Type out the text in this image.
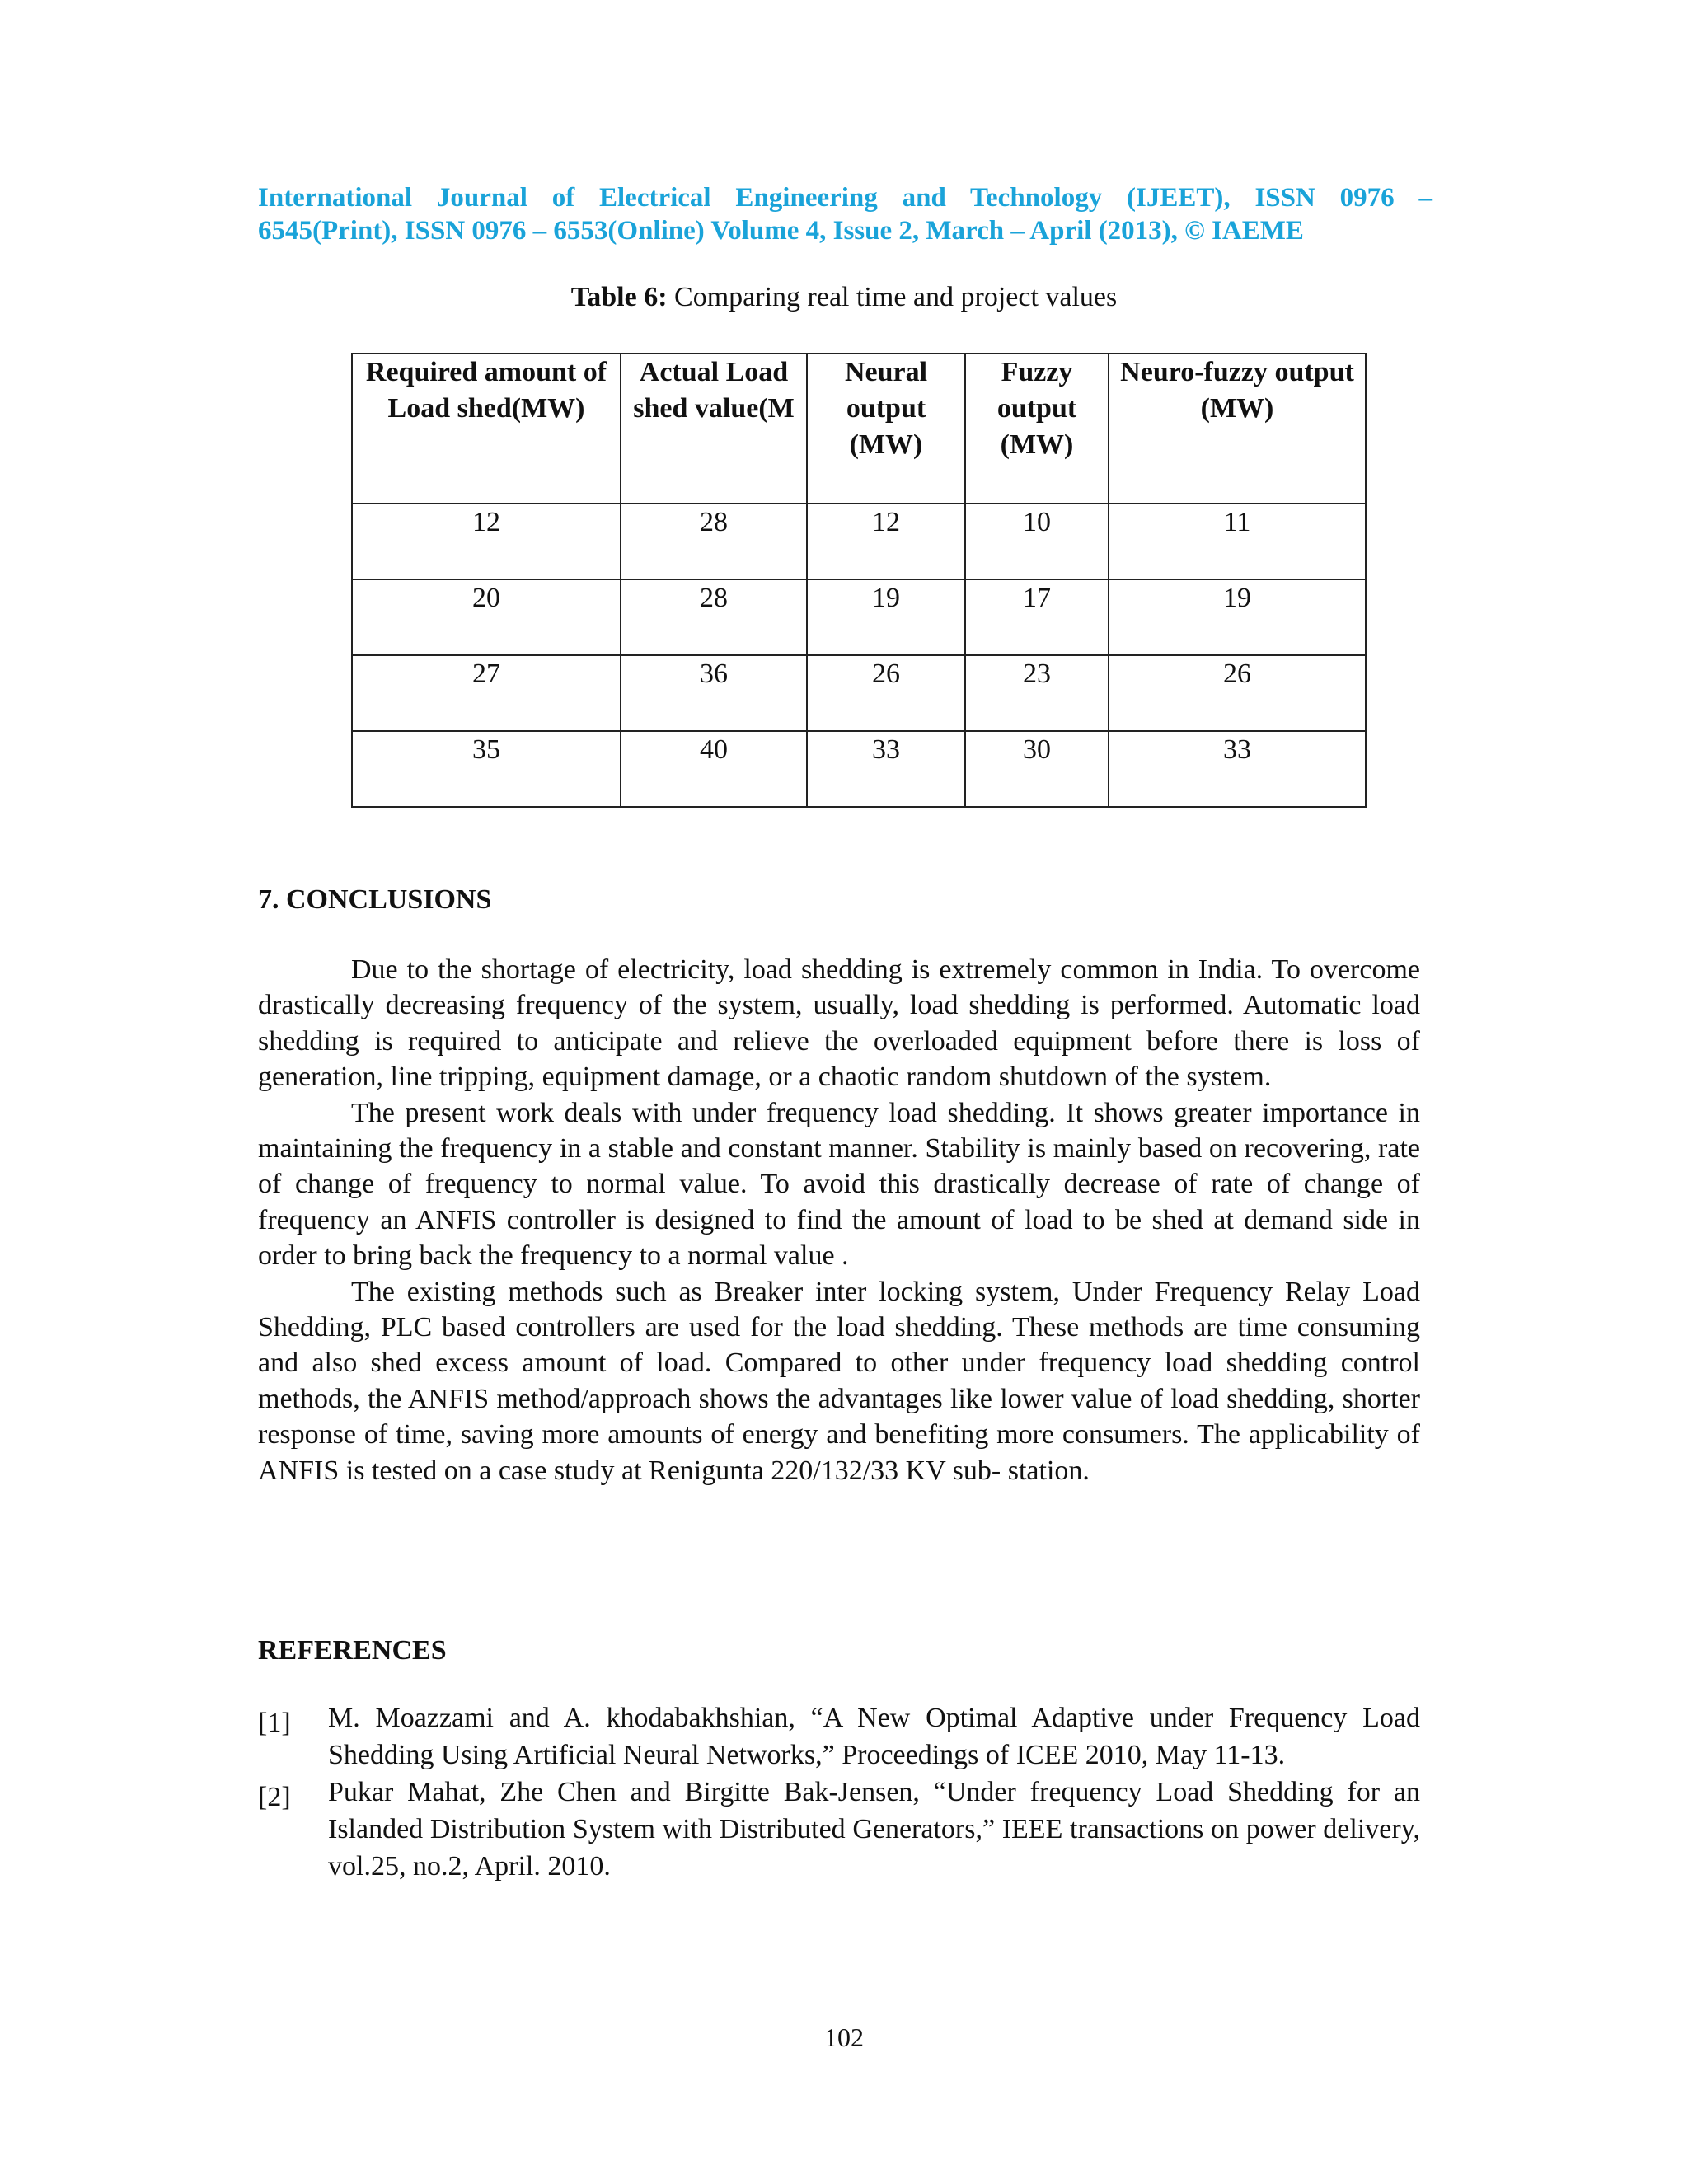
International Journal of Electrical Engineering and Technology (IJEET), ISSN 0976 –
6545(Print), ISSN 0976 – 6553(Online) Volume 4, Issue 2, March – April (2013), © IAEME
Table 6: Comparing real time and project values
Required amount of Load shed(MW)	Actual Load shed value(M	Neural output (MW)	Fuzzy output (MW)	Neuro-fuzzy output (MW)
12	28	12	10	11
20	28	19	17	19
27	36	26	23	26
35	40	33	30	33
7. CONCLUSIONS

Due to the shortage of electricity, load shedding is extremely common in India. To overcome drastically decreasing frequency of the system, usually, load shedding is performed. Automatic load shedding is required to anticipate and relieve the overloaded equipment before there is loss of generation, line tripping, equipment damage, or a chaotic random shutdown of the system.

The present work deals with under frequency load shedding. It shows greater importance in maintaining the frequency in a stable and constant manner. Stability is mainly based on recovering, rate of change of frequency to normal value. To avoid this drastically decrease of rate of change of frequency an ANFIS controller is designed to find the amount of load to be shed at demand side in order to bring back the frequency to a normal value .

The existing methods such as Breaker inter locking system, Under Frequency Relay Load Shedding, PLC based controllers are used for the load shedding. These methods are time consuming and also shed excess amount of load. Compared to other under frequency load shedding control methods, the ANFIS method/approach shows the advantages like lower value of load shedding, shorter response of time, saving more amounts of energy and benefiting more consumers. The applicability of ANFIS is tested on a case study at Renigunta 220/132/33 KV sub- station.

REFERENCES
[1] M. Moazzami and A. khodabakhshian, “A New Optimal Adaptive under Frequency Load Shedding Using Artificial Neural Networks,” Proceedings of ICEE 2010, May 11-13.
[2] Pukar Mahat, Zhe Chen and Birgitte Bak-Jensen, “Under frequency Load Shedding for an Islanded Distribution System with Distributed Generators,” IEEE transactions on power delivery, vol.25, no.2, April. 2010.
102
